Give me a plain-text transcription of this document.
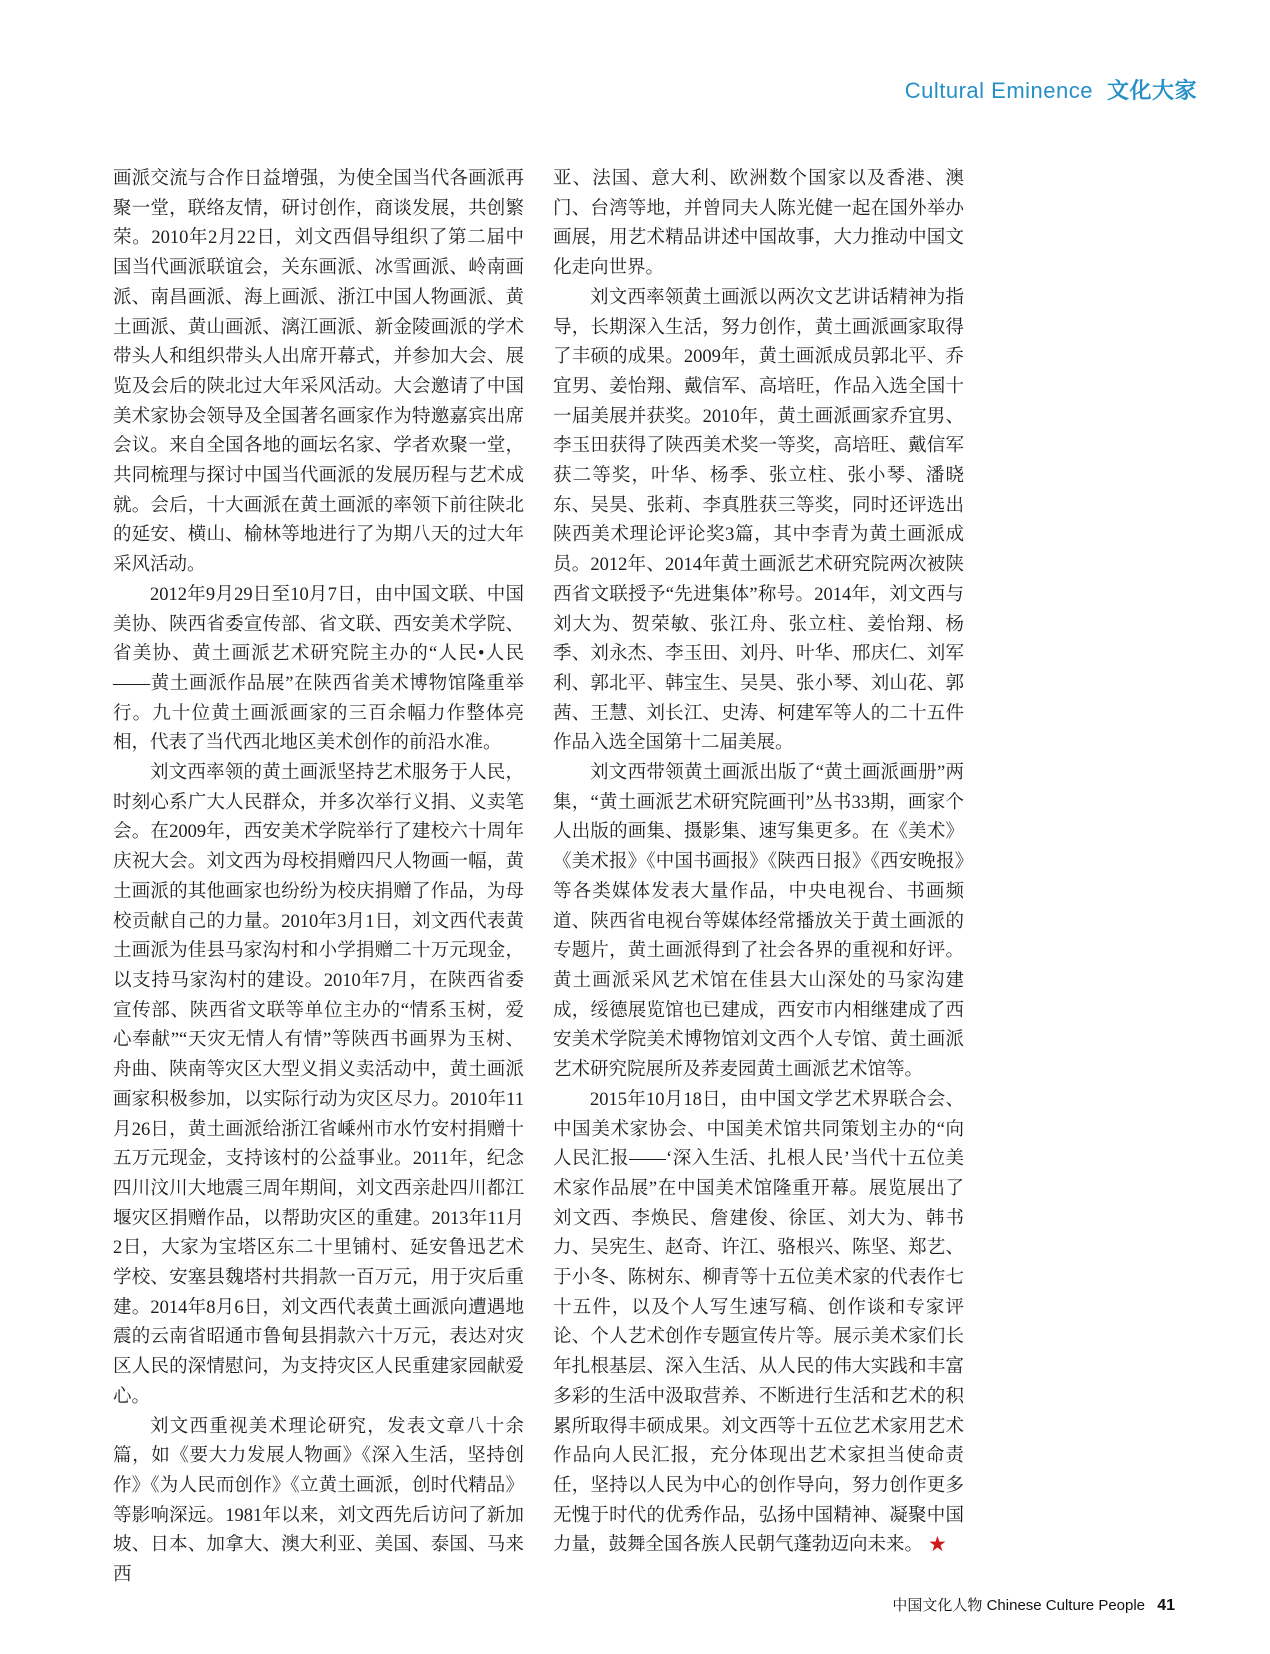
Cultural Eminence 文化大家

画派交流与合作日益增强，为使全国当代各画派再聚一堂，联络友情，研讨创作，商谈发展，共创繁荣。2010年2月22日，刘文西倡导组织了第二届中国当代画派联谊会，关东画派、冰雪画派、岭南画派、南昌画派、海上画派、浙江中国人物画派、黄土画派、黄山画派、漓江画派、新金陵画派的学术带头人和组织带头人出席开幕式，并参加大会、展览及会后的陕北过大年采风活动。大会邀请了中国美术家协会领导及全国著名画家作为特邀嘉宾出席会议。来自全国各地的画坛名家、学者欢聚一堂，共同梳理与探讨中国当代画派的发展历程与艺术成就。会后，十大画派在黄土画派的率领下前往陕北的延安、横山、榆林等地进行了为期八天的过大年采风活动。

2012年9月29日至10月7日，由中国文联、中国美协、陕西省委宣传部、省文联、西安美术学院、省美协、黄土画派艺术研究院主办的“人民•人民——黄土画派作品展”在陕西省美术博物馆隆重举行。九十位黄土画派画家的三百余幅力作整体亮相，代表了当代西北地区美术创作的前沿水准。

刘文西率领的黄土画派坚持艺术服务于人民，时刻心系广大人民群众，并多次举行义捐、义卖笔会。在2009年，西安美术学院举行了建校六十周年庆祝大会。刘文西为母校捐赠四尺人物画一幅，黄土画派的其他画家也纷纷为校庆捐赠了作品，为母校贡献自己的力量。2010年3月1日，刘文西代表黄土画派为佳县马家沟村和小学捐赠二十万元现金，以支持马家沟村的建设。2010年7月，在陕西省委宣传部、陕西省文联等单位主办的“情系玉树，爱心奉献”“天灾无情人有情”等陕西书画界为玉树、舟曲、陕南等灾区大型义捐义卖活动中，黄土画派画家积极参加，以实际行动为灾区尽力。2010年11月26日，黄土画派给浙江省嵊州市水竹安村捐赠十五万元现金，支持该村的公益事业。2011年，纪念四川汶川大地震三周年期间，刘文西亲赴四川都江堰灾区捐赠作品，以帮助灾区的重建。2013年11月2日，大家为宝塔区东二十里铺村、延安鲁迅艺术学校、安塞县魏塔村共捐款一百万元，用于灾后重建。2014年8月6日，刘文西代表黄土画派向遭遇地震的云南省昭通市鲁甸县捐款六十万元，表达对灾区人民的深情慰问，为支持灾区人民重建家园献爱心。

刘文西重视美术理论研究，发表文章八十余篇，如《要大力发展人物画》《深入生活，坚持创作》《为人民而创作》《立黄土画派，创时代精品》等影响深远。1981年以来，刘文西先后访问了新加坡、日本、加拿大、澳大利亚、美国、泰国、马来西

亚、法国、意大利、欧洲数个国家以及香港、澳门、台湾等地，并曾同夫人陈光健一起在国外举办画展，用艺术精品讲述中国故事，大力推动中国文化走向世界。

刘文西率领黄土画派以两次文艺讲话精神为指导，长期深入生活，努力创作，黄土画派画家取得了丰硕的成果。2009年，黄土画派成员郭北平、乔宜男、姜怡翔、戴信军、高培旺，作品入选全国十一届美展并获奖。2010年，黄土画派画家乔宜男、李玉田获得了陕西美术奖一等奖，高培旺、戴信军获二等奖，叶华、杨季、张立柱、张小琴、潘晓东、吴昊、张莉、李真胜获三等奖，同时还评选出陕西美术理论评论奖3篇，其中李青为黄土画派成员。2012年、2014年黄土画派艺术研究院两次被陕西省文联授予“先进集体”称号。2014年，刘文西与刘大为、贺荣敏、张江舟、张立柱、姜怡翔、杨季、刘永杰、李玉田、刘丹、叶华、邢庆仁、刘军利、郭北平、韩宝生、吴昊、张小琴、刘山花、郭茜、王慧、刘长江、史涛、柯建军等人的二十五件作品入选全国第十二届美展。

刘文西带领黄土画派出版了“黄土画派画册”两集，“黄土画派艺术研究院画刊”丛书33期，画家个人出版的画集、摄影集、速写集更多。在《美术》《美术报》《中国书画报》《陕西日报》《西安晚报》等各类媒体发表大量作品，中央电视台、书画频道、陕西省电视台等媒体经常播放关于黄土画派的专题片，黄土画派得到了社会各界的重视和好评。黄土画派采风艺术馆在佳县大山深处的马家沟建成，绥德展览馆也已建成，西安市内相继建成了西安美术学院美术博物馆刘文西个人专馆、黄土画派艺术研究院展所及荞麦园黄土画派艺术馆等。

2015年10月18日，由中国文学艺术界联合会、中国美术家协会、中国美术馆共同策划主办的“向人民汇报——‘深入生活、扎根人民’当代十五位美术家作品展”在中国美术馆隆重开幕。展览展出了刘文西、李焕民、詹建俊、徐匡、刘大为、韩书力、吴宪生、赵奇、许江、骆根兴、陈坚、郑艺、于小冬、陈树东、柳青等十五位美术家的代表作七十五件，以及个人写生速写稿、创作谈和专家评论、个人艺术创作专题宣传片等。展示美术家们长年扎根基层、深入生活、从人民的伟大实践和丰富多彩的生活中汲取营养、不断进行生活和艺术的积累所取得丰硕成果。刘文西等十五位艺术家用艺术作品向人民汇报，充分体现出艺术家担当使命责任，坚持以人民为中心的创作导向，努力创作更多无愧于时代的优秀作品，弘扬中国精神、凝聚中国力量，鼓舞全国各族人民朝气蓬勃迈向未来。 ★

中国文化人物 Chinese Culture People 41
